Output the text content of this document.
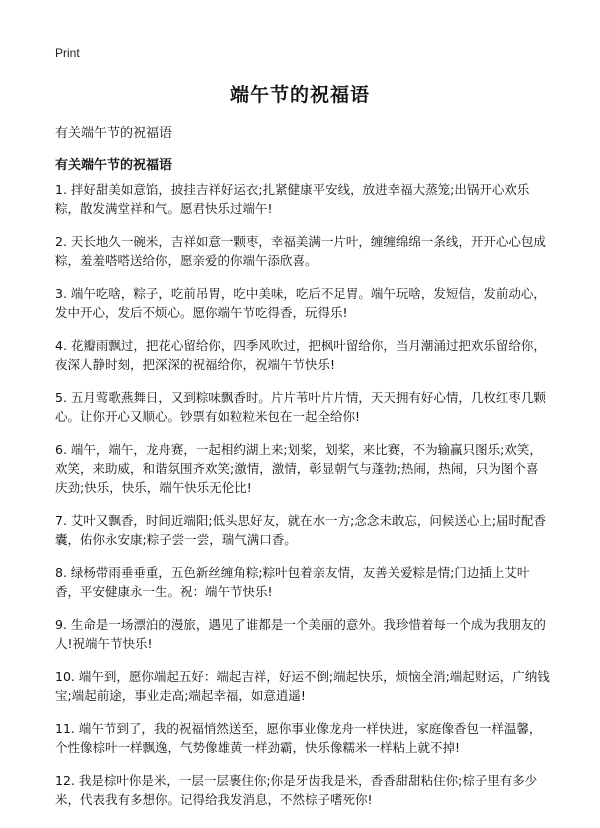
Print
端午节的祝福语
有关端午节的祝福语
有关端午节的祝福语
1. 拌好甜美如意馅，披挂吉祥好运衣;扎紧健康平安线，放进幸福大蒸笼;出锅开心欢乐粽，散发满堂祥和气。愿君快乐过端午!
2. 天长地久一碗米，吉祥如意一颗枣，幸福美满一片叶，缠缠绵绵一条线，开开心心包成粽，羞羞嗒嗒送给你，愿亲爱的你端午添欣喜。
3. 端午吃啥，粽子，吃前吊胃，吃中美味，吃后不足胃。端午玩啥，发短信，发前动心，发中开心，发后不烦心。愿你端午节吃得香，玩得乐!
4. 花瓣雨飘过，把花心留给你，四季风吹过，把枫叶留给你，当月潮涌过把欢乐留给你，夜深人静时刻，把深深的祝福给你，祝端午节快乐!
5. 五月莺歌燕舞日，又到粽味飘香时。片片苇叶片片情，天天拥有好心情，几枚红枣几颗心。让你开心又顺心。钞票有如粒粒米包在一起全给你!
6. 端午，端午，龙舟赛，一起相约湖上来;划桨，划桨，来比赛，不为输赢只图乐;欢笑，欢笑，来助威，和谐氛围齐欢笑;激情，激情，彰显朝气与蓬勃;热闹，热闹，只为图个喜庆劲;快乐，快乐，端午快乐无伦比!
7. 艾叶又飘香，时间近端阳;低头思好友，就在水一方;念念未敢忘，问候送心上;届时配香囊，佑你永安康;粽子尝一尝，瑞气满口香。
8. 绿杨带雨垂垂重，五色新丝缠角粽;粽叶包着亲友情，友善关爱粽是情;门边插上艾叶香，平安健康永一生。祝：端午节快乐!
9. 生命是一场漂泊的漫旅，遇见了谁都是一个美丽的意外。我珍惜着每一个成为我朋友的人!祝端午节快乐!
10. 端午到，愿你端起五好：端起吉祥，好运不倒;端起快乐，烦恼全消;端起财运，广纳钱宝;端起前途，事业走高;端起幸福，如意逍遥!
11. 端午节到了，我的祝福悄然送至，愿你事业像龙舟一样快进，家庭像香包一样温馨，个性像棕叶一样飘逸，气势像雄黄一样劲霸，快乐像糯米一样粘上就不掉!
12. 我是棕叶你是米，一层一层裹住你;你是牙齿我是米，香香甜甜粘住你;棕子里有多少米，代表我有多想你。记得给我发消息，不然棕子嗜死你!
